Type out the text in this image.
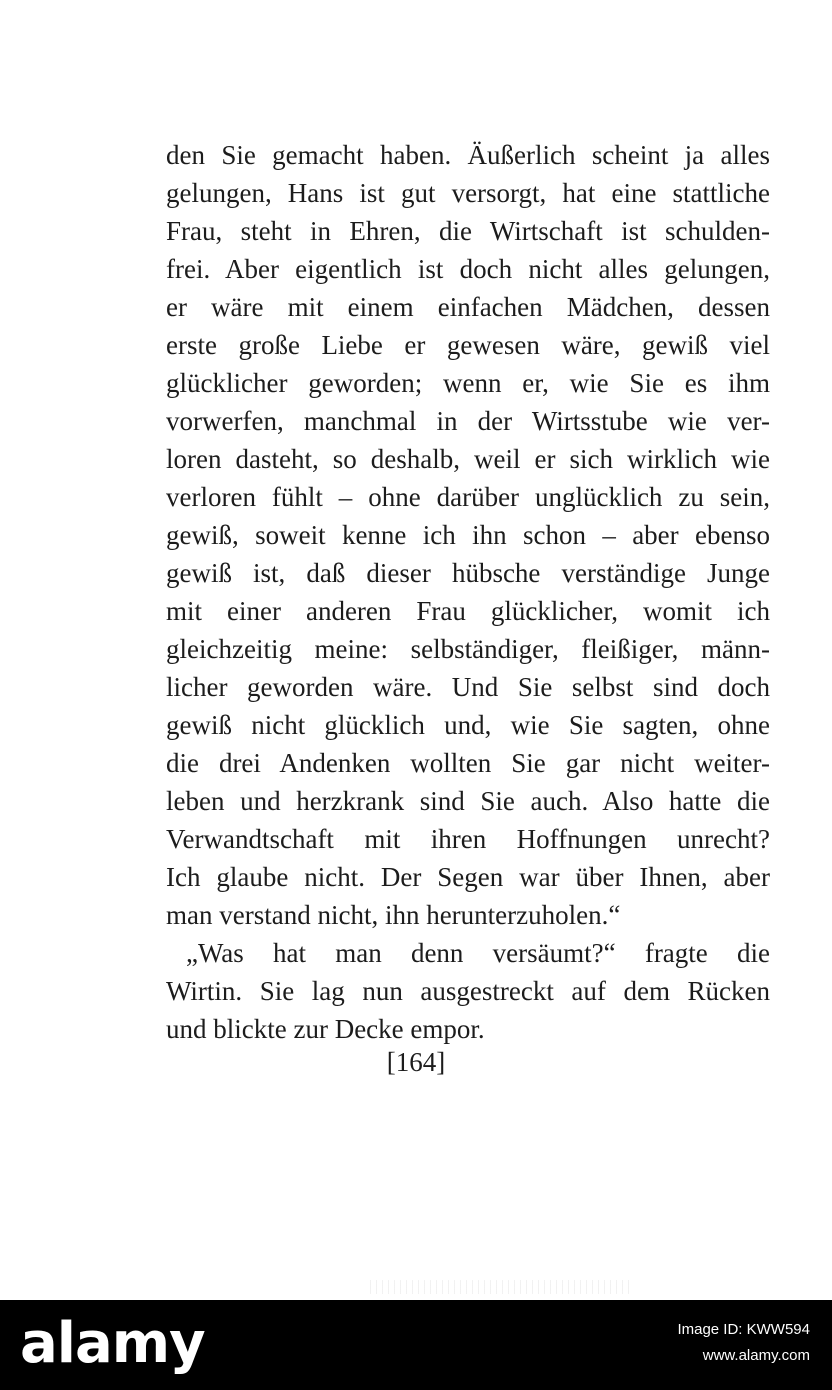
den Sie gemacht haben. Äußerlich scheint ja alles
gelungen, Hans ist gut versorgt, hat eine stattliche
Frau, steht in Ehren, die Wirtschaft ist schulden-
frei. Aber eigentlich ist doch nicht alles gelungen,
er wäre mit einem einfachen Mädchen, dessen
erste große Liebe er gewesen wäre, gewiß viel
glücklicher geworden; wenn er, wie Sie es ihm
vorwerfen, manchmal in der Wirtsstube wie ver-
loren dasteht, so deshalb, weil er sich wirklich wie
verloren fühlt – ohne darüber unglücklich zu sein,
gewiß, soweit kenne ich ihn schon – aber ebenso
gewiß ist, daß dieser hübsche verständige Junge
mit einer anderen Frau glücklicher, womit ich
gleichzeitig meine: selbständiger, fleißiger, männ-
licher geworden wäre. Und Sie selbst sind doch
gewiß nicht glücklich und, wie Sie sagten, ohne
die drei Andenken wollten Sie gar nicht weiter-
leben und herzkrank sind Sie auch. Also hatte die
Verwandtschaft mit ihren Hoffnungen unrecht?
Ich glaube nicht. Der Segen war über Ihnen, aber
man verstand nicht, ihn herunterzuholen.“
„Was hat man denn versäumt?“ fragte die
Wirtin. Sie lag nun ausgestreckt auf dem Rücken
und blickte zur Decke empor.
[164]
alamy	Image ID: KWW594
www.alamy.com
